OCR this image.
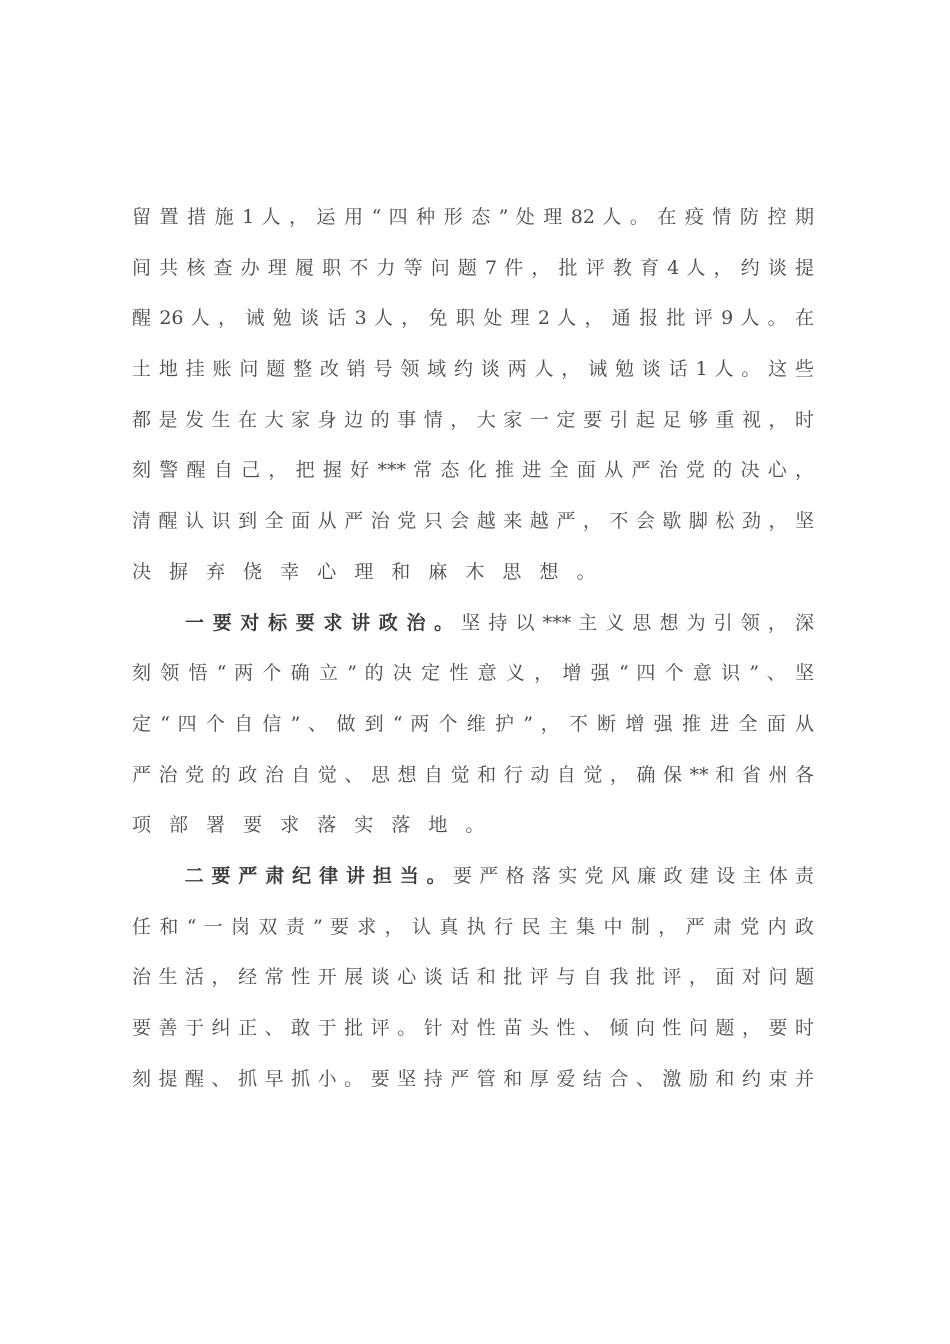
留 置 措 施 1 人 ， 运 用 “ 四 种 形 态 ” 处 理 82 人 。 在 疫 情 防 控 期
间 共 核 查 办 理 履 职 不 力 等 问 题 7 件 ， 批 评 教 育 4 人 ， 约 谈 提
醒 26 人 ， 诫 勉 谈 话 3 人 ， 免 职 处 理 2 人 ， 通 报 批 评 9 人 。 在
土 地 挂 账 问 题 整 改 销 号 领 域 约 谈 两 人 ， 诫 勉 谈 话 1 人 。 这 些
都 是 发 生 在 大 家 身 边 的 事 情 ， 大 家 一 定 要 引 起 足 够 重 视 ， 时
刻 警 醒 自 己 ， 把 握 好 *** 常 态 化 推 进 全 面 从 严 治 党 的 决 心 ，
清 醒 认 识 到 全 面 从 严 治 党 只 会 越 来 越 严 ， 不 会 歇 脚 松 劲 ， 坚
决 摒 弃 侥 幸 心 理 和 麻 木 思 想 。
一 要 对 标 要 求 讲 政 治 。 坚 持 以 *** 主 义 思 想 为 引 领 ， 深
刻 领 悟 “ 两 个 确 立 ” 的 决 定 性 意 义 ， 增 强 “ 四 个 意 识 ” 、 坚
定 “ 四 个 自 信 ” 、 做 到 “ 两 个 维 护 ” ， 不 断 增 强 推 进 全 面 从
严 治 党 的 政 治 自 觉 、 思 想 自 觉 和 行 动 自 觉 ， 确 保 ** 和 省 州 各
项 部 署 要 求 落 实 落 地 。
二 要 严 肃 纪 律 讲 担 当 。 要 严 格 落 实 党 风 廉 政 建 设 主 体 责
任 和 “ 一 岗 双 责 ” 要 求 ， 认 真 执 行 民 主 集 中 制 ， 严 肃 党 内 政
治 生 活 ， 经 常 性 开 展 谈 心 谈 话 和 批 评 与 自 我 批 评 ， 面 对 问 题
要 善 于 纠 正 、 敢 于 批 评 。 针 对 性 苗 头 性 、 倾 向 性 问 题 ， 要 时
刻 提 醒 、 抓 早 抓 小 。 要 坚 持 严 管 和 厚 爱 结 合 、 激 励 和 约 束 并
